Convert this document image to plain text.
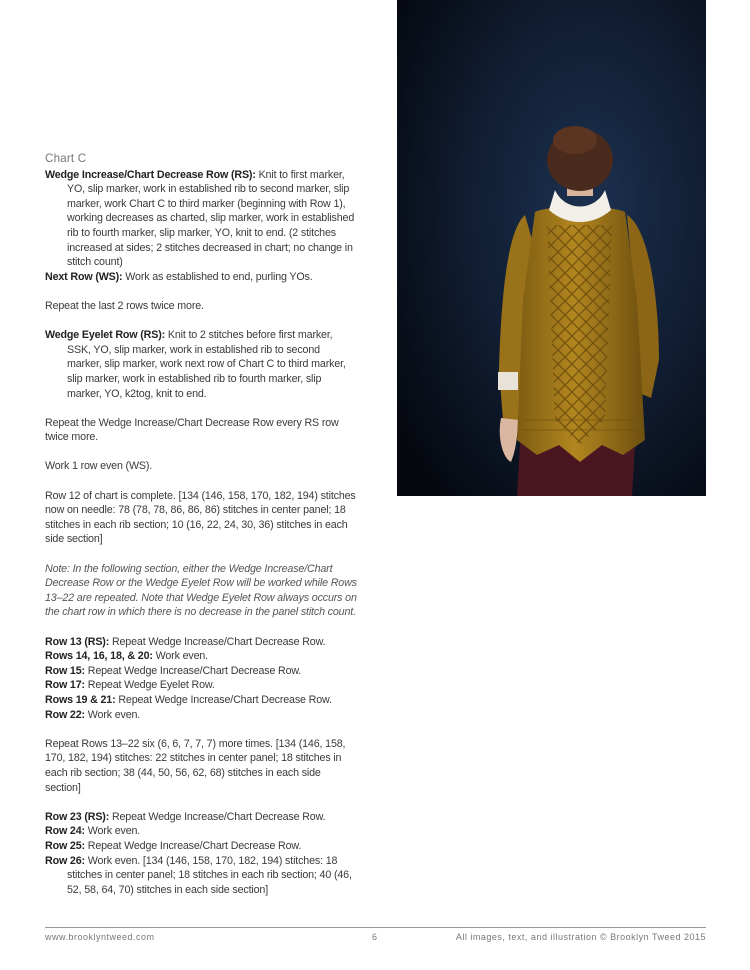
Chart C

Wedge Increase/Chart Decrease Row (RS): Knit to first marker, YO, slip marker, work in established rib to second marker, slip marker, work Chart C to third marker (beginning with Row 1), working decreases as charted, slip marker, work in established rib to fourth marker, slip marker, YO, knit to end. (2 stitches increased at sides; 2 stitches decreased in chart; no change in stitch count)

Next Row (WS): Work as established to end, purling YOs.

Repeat the last 2 rows twice more.

Wedge Eyelet Row (RS): Knit to 2 stitches before first marker, SSK, YO, slip marker, work in established rib to second marker, slip marker, work next row of Chart C to third marker, slip marker, work in established rib to fourth marker, slip marker, YO, k2tog, knit to end.

Repeat the Wedge Increase/Chart Decrease Row every RS row twice more.

Work 1 row even (WS).

Row 12 of chart is complete. [134 (146, 158, 170, 182, 194) stitches now on needle: 78 (78, 78, 86, 86, 86) stitches in center panel; 18 stitches in each rib section; 10 (16, 22, 24, 30, 36) stitches in each side section]

Note: In the following section, either the Wedge Increase/Chart Decrease Row or the Wedge Eyelet Row will be worked while Rows 13–22 are repeated. Note that Wedge Eyelet Row always occurs on the chart row in which there is no decrease in the panel stitch count.

Row 13 (RS): Repeat Wedge Increase/Chart Decrease Row.

Rows 14, 16, 18, & 20: Work even.

Row 15: Repeat Wedge Increase/Chart Decrease Row.

Row 17: Repeat Wedge Eyelet Row.

Rows 19 & 21: Repeat Wedge Increase/Chart Decrease Row.

Row 22: Work even.

Repeat Rows 13–22 six (6, 6, 7, 7, 7) more times. [134 (146, 158, 170, 182, 194) stitches: 22 stitches in center panel; 18 stitches in each rib section; 38 (44, 50, 56, 62, 68) stitches in each side section]

Row 23 (RS): Repeat Wedge Increase/Chart Decrease Row.

Row 24: Work even.

Row 25: Repeat Wedge Increase/Chart Decrease Row.

Row 26: Work even. [134 (146, 158, 170, 182, 194) stitches: 18 stitches in center panel; 18 stitches in each rib section; 40 (46, 52, 58, 64, 70) stitches in each side section]

www.brooklyntweed.com	6	All images, text, and illustration © Brooklyn Tweed 2015
